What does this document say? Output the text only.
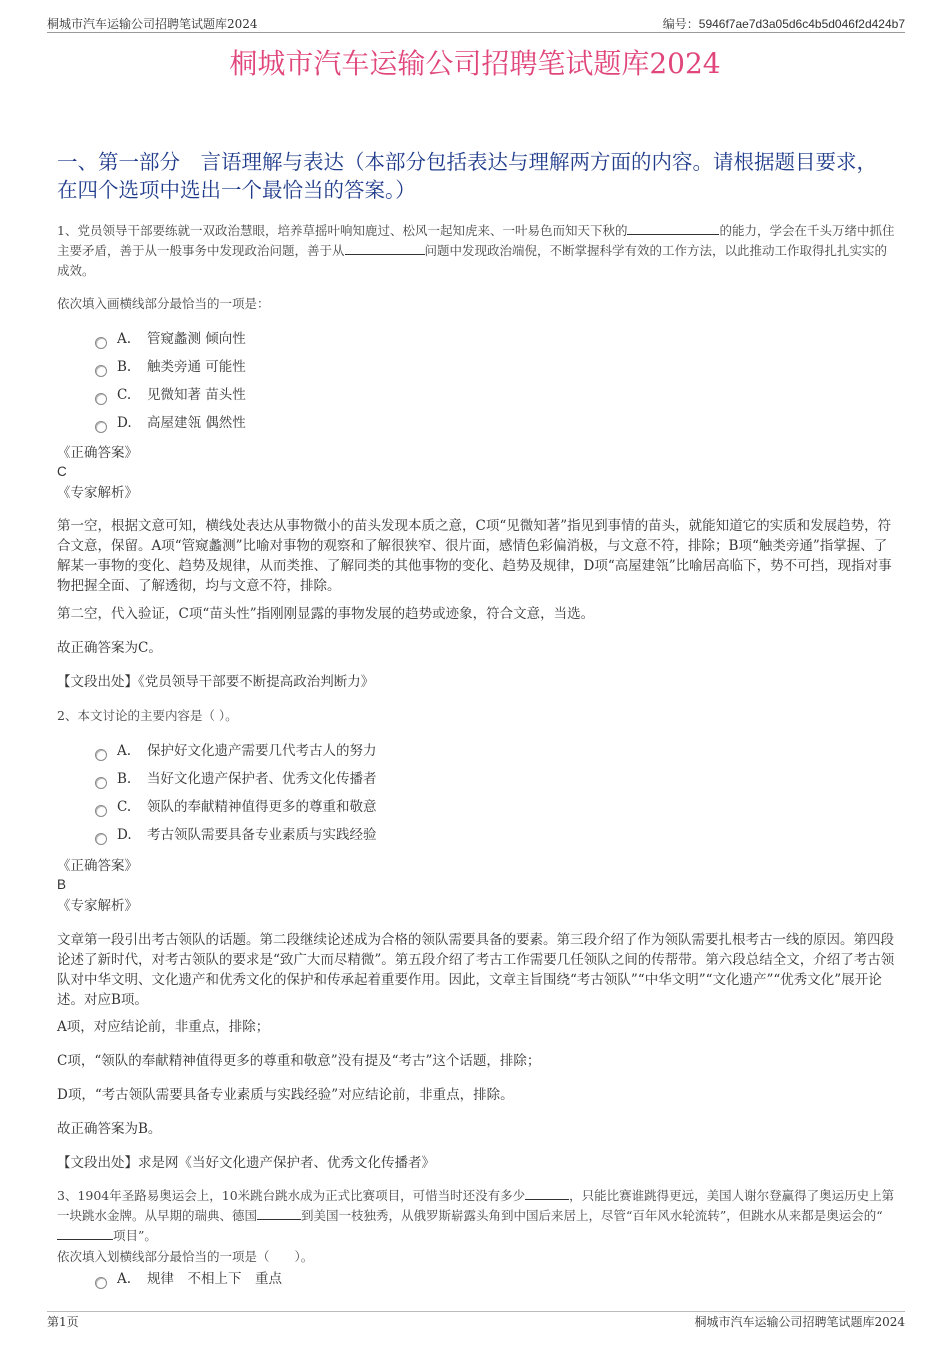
桐城市汽车运输公司招聘笔试题库2024	编号：5946f7ae7d3a05d6c4b5d046f2d424b7
桐城市汽车运输公司招聘笔试题库2024
一、第一部分　言语理解与表达（本部分包括表达与理解两方面的内容。请根据题目要求，在四个选项中选出一个最恰当的答案。）
1、党员领导干部要练就一双政治慧眼，培养草摇叶响知鹿过、松风一起知虎来、一叶易色而知天下秋的	的能力，学会在千头万绪中抓住主要矛盾，善于从一般事务中发现政治问题，善于从	问题中发现政治端倪，不断掌握科学有效的工作方法，以此推动工作取得扎扎实实的成效。
依次填入画横线部分最恰当的一项是：
A. 管窥蠡测 倾向性
B. 触类旁通 可能性
C. 见微知著 苗头性
D. 高屋建瓴 偶然性
《正确答案》
C
《专家解析》
第一空，根据文意可知，横线处表达从事物微小的苗头发现本质之意，C项“见微知著”指见到事情的苗头，就能知道它的实质和发展趋势，符合文意，保留。A项“管窥蠡测”比喻对事物的观察和了解很狭窄、很片面，感情色彩偏消极，与文意不符，排除；B项“触类旁通”指掌握、了解某一事物的变化、趋势及规律，从而类推、了解同类的其他事物的变化、趋势及规律，D项“高屋建瓴”比喻居高临下，势不可挡，现指对事物把握全面、了解透彻，均与文意不符，排除。
第二空，代入验证，C项“苗头性”指刚刚显露的事物发展的趋势或迹象，符合文意，当选。
故正确答案为C。
【文段出处】《党员领导干部要不断提高政治判断力》
2、本文讨论的主要内容是（ ）。
A. 保护好文化遗产需要几代考古人的努力
B. 当好文化遗产保护者、优秀文化传播者
C. 领队的奉献精神值得更多的尊重和敬意
D. 考古领队需要具备专业素质与实践经验
《正确答案》
B
《专家解析》
文章第一段引出考古领队的话题。第二段继续论述成为合格的领队需要具备的要素。第三段介绍了作为领队需要扎根考古一线的原因。第四段论述了新时代，对考古领队的要求是“致广大而尽精微”。第五段介绍了考古工作需要几任领队之间的传帮带。第六段总结全文，介绍了考古领队对中华文明、文化遗产和优秀文化的保护和传承起着重要作用。因此，文章主旨围绕“考古领队”“中华文明”“文化遗产”“优秀文化”展开论述。对应B项。
A项，对应结论前，非重点，排除；
C项，“领队的奉献精神值得更多的尊重和敬意”没有提及“考古”这个话题，排除；
D项，“考古领队需要具备专业素质与实践经验”对应结论前，非重点，排除。
故正确答案为B。
【文段出处】求是网《当好文化遗产保护者、优秀文化传播者》
3、1904年圣路易奥运会上，10米跳台跳水成为正式比赛项目，可惜当时还没有多少	，只能比赛谁跳得更远，美国人谢尔登赢得了奥运历史上第一块跳水金牌。从早期的瑞典、德国	到美国一枝独秀，从俄罗斯崭露头角到中国后来居上，尽管“百年风水轮流转”，但跳水从来都是奥运会的“项目”。
依次填入划横线部分最恰当的一项是（　　）。
A. 规律　不相上下　重点
第1页	桐城市汽车运输公司招聘笔试题库2024
